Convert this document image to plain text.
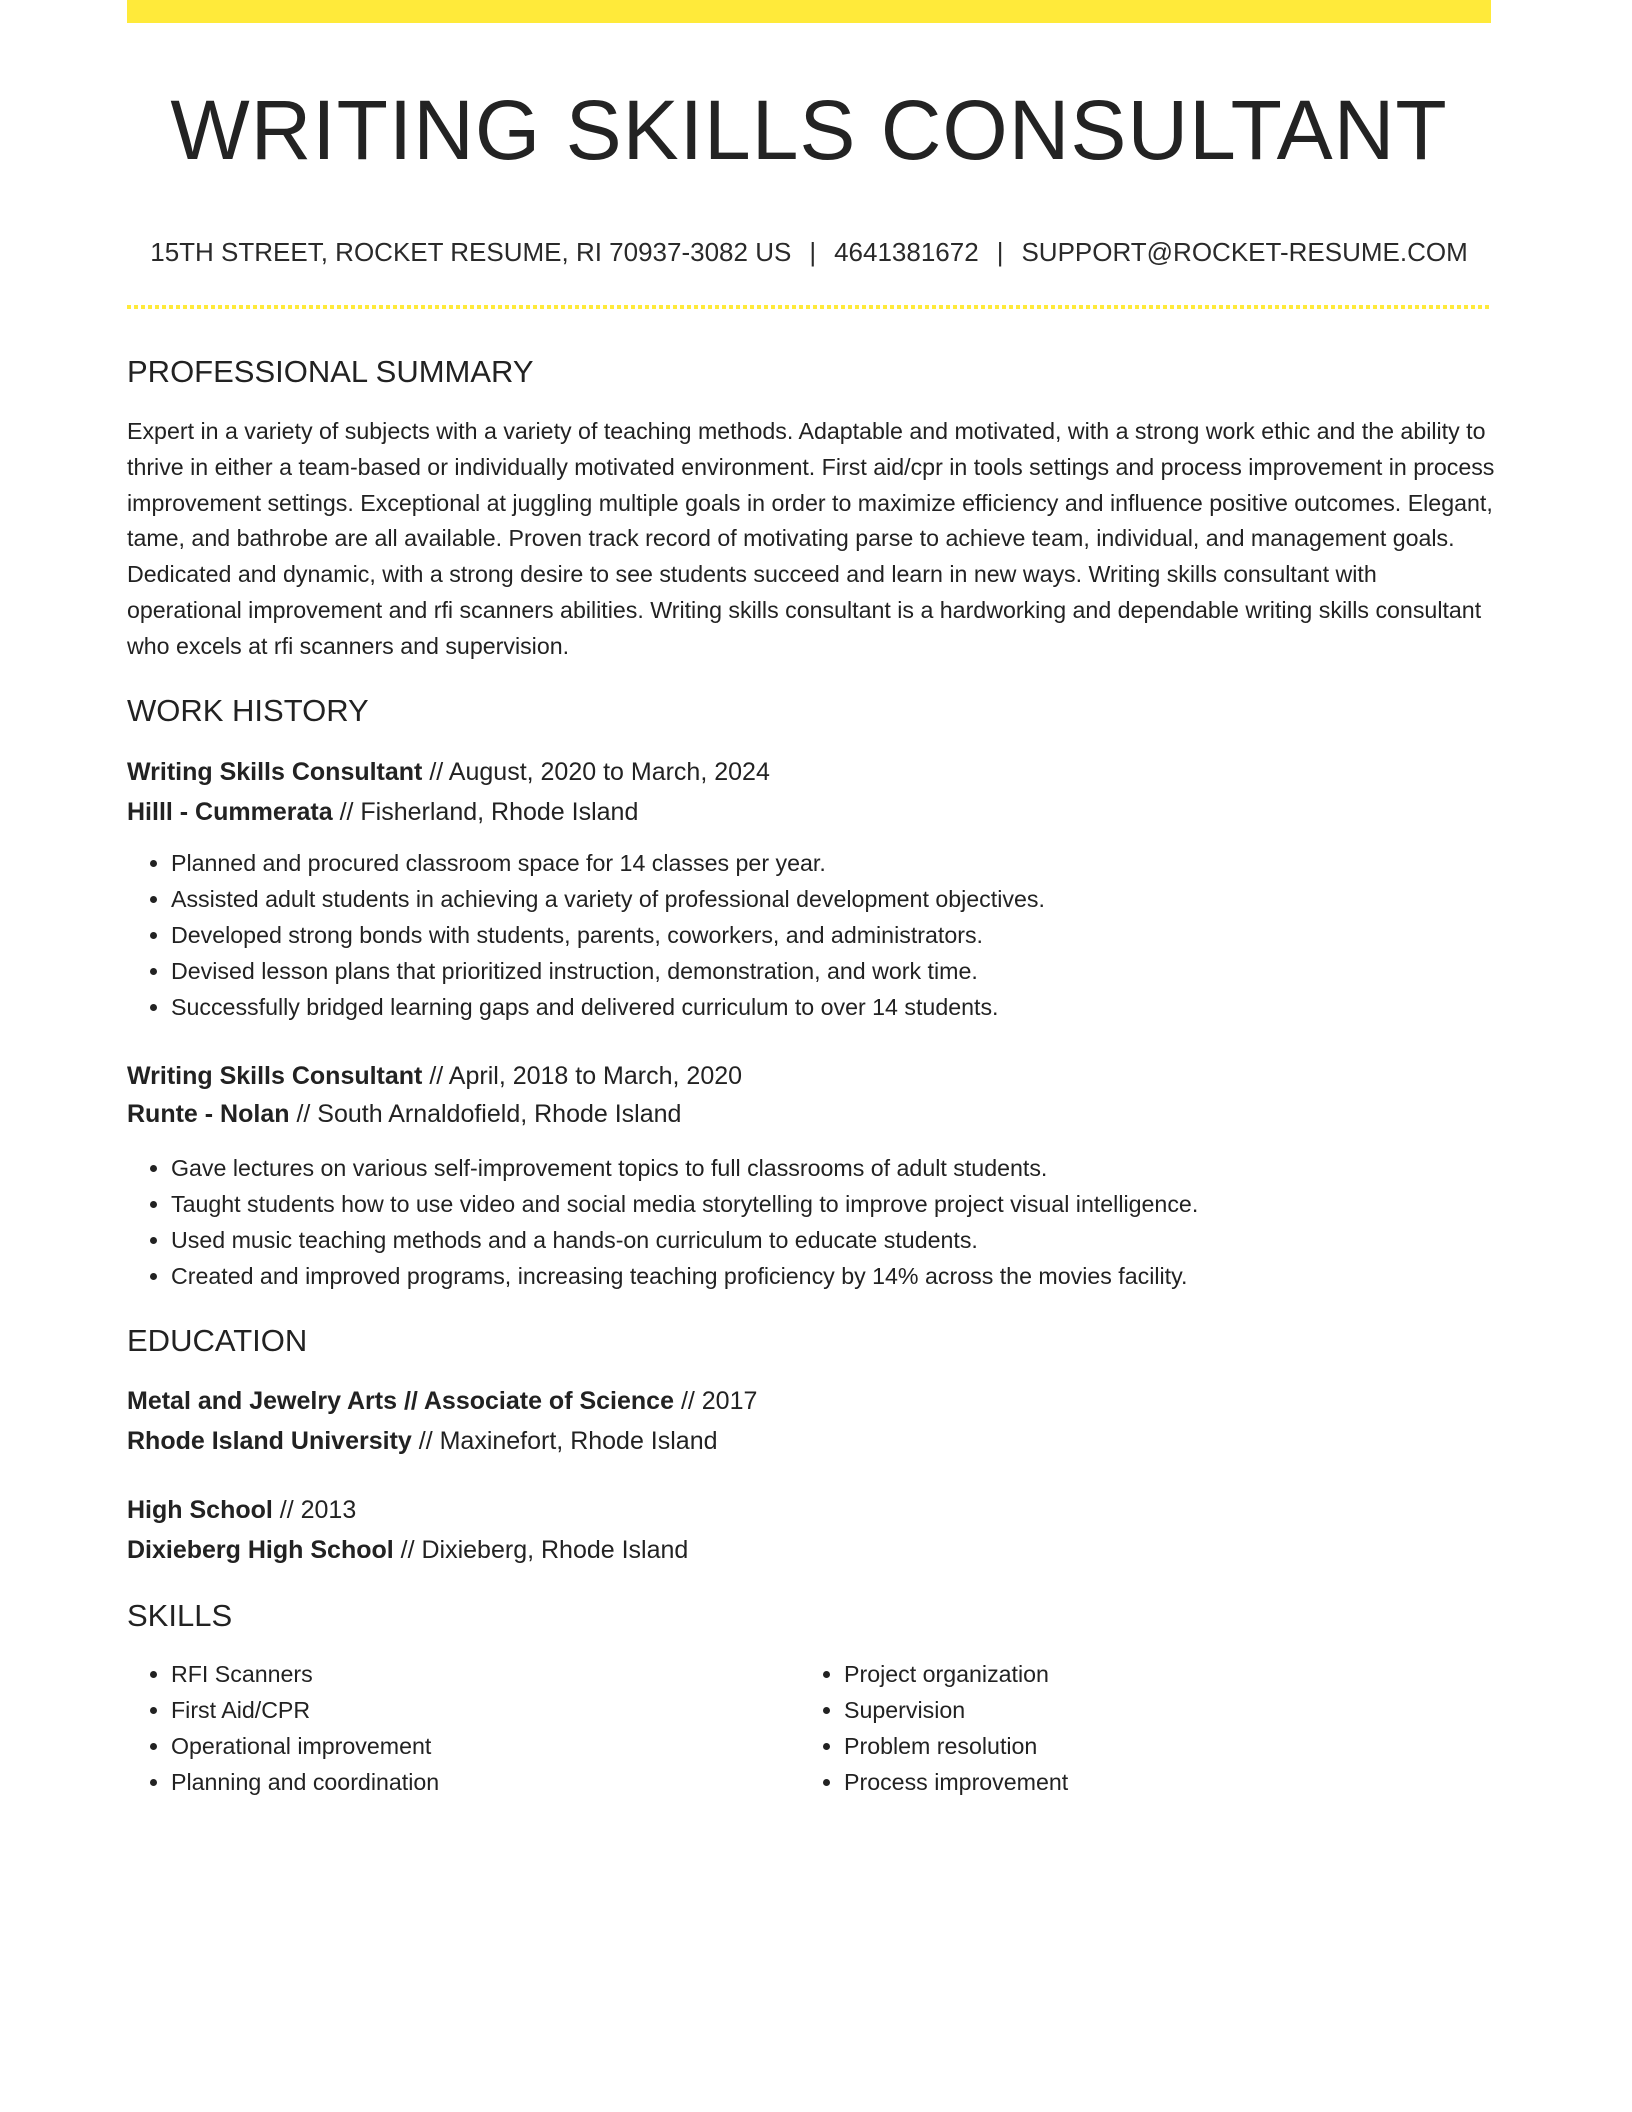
WRITING SKILLS CONSULTANT
15TH STREET, ROCKET RESUME, RI 70937-3082 US | 4641381672 | SUPPORT@ROCKET-RESUME.COM
PROFESSIONAL SUMMARY
Expert in a variety of subjects with a variety of teaching methods. Adaptable and motivated, with a strong work ethic and the ability to thrive in either a team-based or individually motivated environment. First aid/cpr in tools settings and process improvement in process improvement settings. Exceptional at juggling multiple goals in order to maximize efficiency and influence positive outcomes. Elegant, tame, and bathrobe are all available. Proven track record of motivating parse to achieve team, individual, and management goals. Dedicated and dynamic, with a strong desire to see students succeed and learn in new ways. Writing skills consultant with operational improvement and rfi scanners abilities. Writing skills consultant is a hardworking and dependable writing skills consultant who excels at rfi scanners and supervision.
WORK HISTORY
Writing Skills Consultant // August, 2020 to March, 2024
Hilll - Cummerata // Fisherland, Rhode Island
• Planned and procured classroom space for 14 classes per year.
• Assisted adult students in achieving a variety of professional development objectives.
• Developed strong bonds with students, parents, coworkers, and administrators.
• Devised lesson plans that prioritized instruction, demonstration, and work time.
• Successfully bridged learning gaps and delivered curriculum to over 14 students.
Writing Skills Consultant // April, 2018 to March, 2020
Runte - Nolan // South Arnaldofield, Rhode Island
• Gave lectures on various self-improvement topics to full classrooms of adult students.
• Taught students how to use video and social media storytelling to improve project visual intelligence.
• Used music teaching methods and a hands-on curriculum to educate students.
• Created and improved programs, increasing teaching proficiency by 14% across the movies facility.
EDUCATION
Metal and Jewelry Arts // Associate of Science // 2017
Rhode Island University // Maxinefort, Rhode Island
High School // 2013
Dixieberg High School // Dixieberg, Rhode Island
SKILLS
• RFI Scanners
• First Aid/CPR
• Operational improvement
• Planning and coordination
• Project organization
• Supervision
• Problem resolution
• Process improvement
